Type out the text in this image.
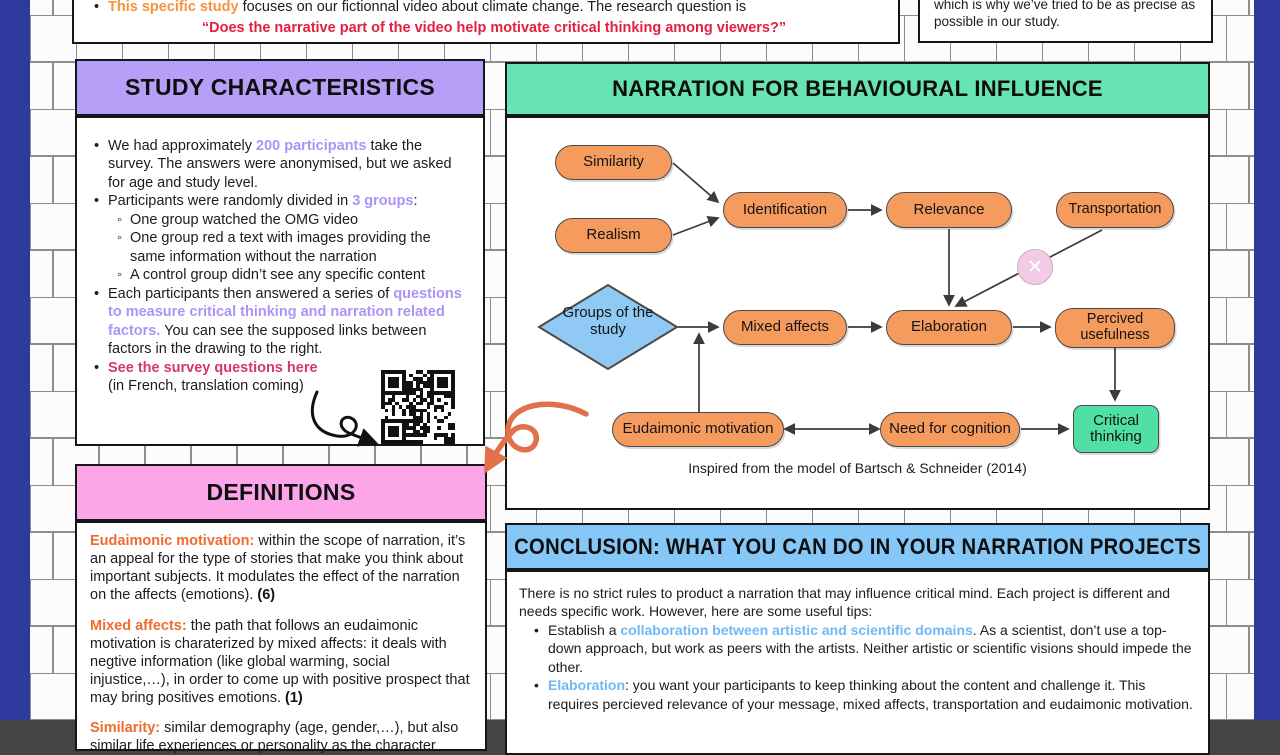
• This specific study focuses on our fictionnal video about climate change. The research question is
“Does the narrative part of the video help motivate critical thinking among viewers?”
which is why we’ve tried to be as precise as possible in our study.
STUDY CHARACTERISTICS
• We had approximately 200 participants take the survey. The answers were anonymised, but we asked for age and study level.
• Participants were randomly divided in 3 groups:
◦ One group watched the OMG video
◦ One group red a text with images providing the same information without the narration
◦ A control group didn’t see any specific content
• Each participants then answered a series of questions to measure critical thinking and narration related factors. You can see the supposed links between factors in the drawing to the right.
• See the survey questions here
(in French, translation coming)
NARRATION FOR BEHAVIOURAL INFLUENCE
Similarity
Realism
Identification	Relevance	Transportation
Groups of the study	Mixed affects	Elaboration	Percived usefulness
Eudaimonic motivation	Need for cognition
Critical thinking
✕
Inspired from the model of Bartsch & Schneider (2014)
DEFINITIONS

Eudaimonic motivation: within the scope of narration, it’s an appeal for the type of stories that make you think about important subjects. It modulates the effect of the narration on the affects (emotions). (6)

Mixed affects: the path that follows an eudaimonic motivation is charaterized by mixed affects: it deals with negtive information (like global warming, social injustice,…), in order to come up with positive prospect that may bring positives emotions. (1)

Similarity: similar demography (age, gender,…), but also similar life experiences or personality as the character

CONCLUSION: WHAT YOU CAN DO IN YOUR NARRATION PROJECTS
There is no strict rules to product a narration that may influence critical mind. Each project is different and needs specific work. However, here are some useful tips:
• Establish a collaboration between artistic and scientific domains. As a scientist, don’t use a top-down approach, but work as peers with the artists. Neither artistic or scientific visions should impede the other.
• Elaboration: you want your participants to keep thinking about the content and challenge it. This requires percieved relevance of your message, mixed affects, transportation and eudaimonic motivation.
